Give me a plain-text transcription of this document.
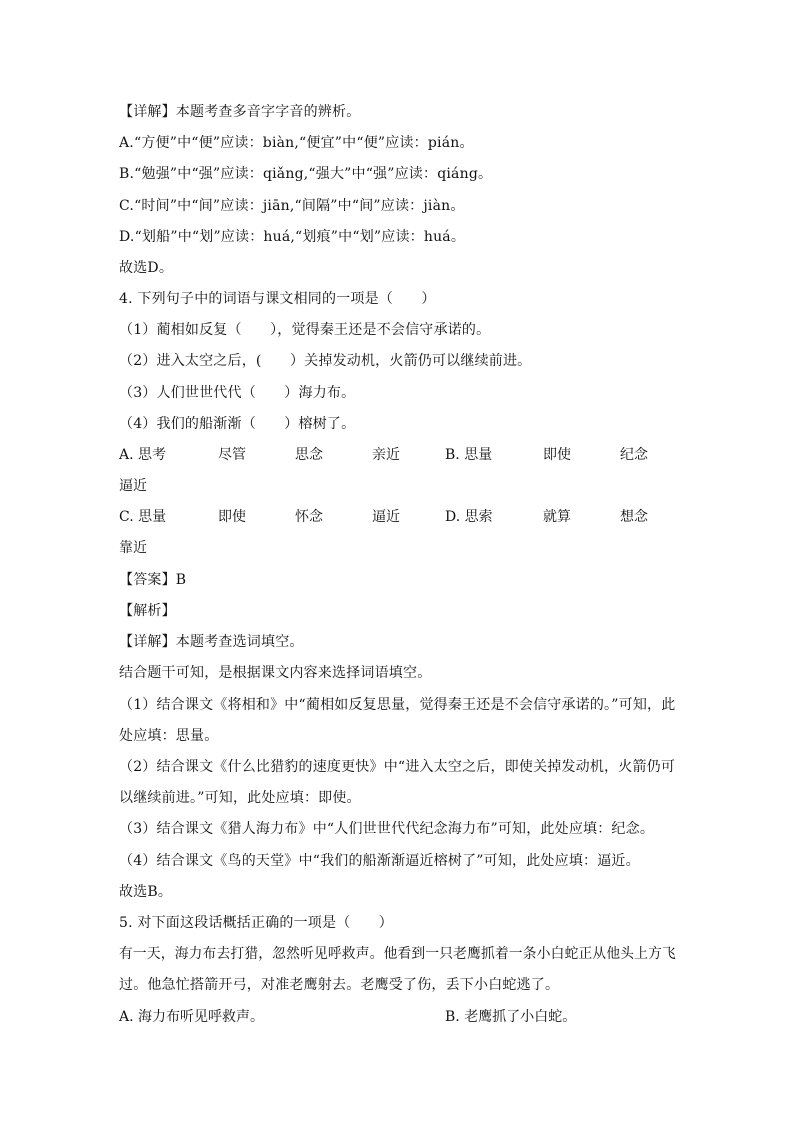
【详解】本题考查多音字字音的辨析。
A.“方便”中“便”应读：biàn,“便宜”中“便”应读：pián。
B.“勉强”中“强”应读：qiǎng,“强大”中“强”应读：qiáng。
C.“时间”中“间”应读：jiān,“间隔”中“间”应读：jiàn。
D.“划船”中“划”应读：huá,“划痕”中“划”应读：huá。
故选D。
4. 下列句子中的词语与课文相同的一项是（　　）
（1）蔺相如反复（　　），觉得秦王还是不会信守承诺的。
（2）进入太空之后，(　　）关掉发动机，火箭仍可以继续前进。
（3）人们世世代代（　　）海力布。
（4）我们的船渐渐（　　）榕树了。
A. 思考	尽管	思念	亲近	B. 思量	即使	纪念
逼近
C. 思量	即使	怀念	逼近	D. 思索	就算	想念
靠近
【答案】B
【解析】
【详解】本题考查选词填空。
结合题干可知，是根据课文内容来选择词语填空。
（1）结合课文《将相和》中“蔺相如反复思量，觉得秦王还是不会信守承诺的。”可知，此
处应填：思量。
（2）结合课文《什么比猎豹的速度更快》中“进入太空之后，即使关掉发动机，火箭仍可
以继续前进。”可知，此处应填：即使。
（3）结合课文《猎人海力布》中“人们世世代代纪念海力布”可知，此处应填：纪念。
（4）结合课文《鸟的天堂》中“我们的船渐渐逼近榕树了”可知，此处应填：逼近。
故选B。
5. 对下面这段话概括正确的一项是（　　）
有一天，海力布去打猎，忽然听见呼救声。他看到一只老鹰抓着一条小白蛇正从他头上方飞
过。他急忙搭箭开弓，对准老鹰射去。老鹰受了伤，丢下小白蛇逃了。
A. 海力布听见呼救声。	B. 老鹰抓了小白蛇。
